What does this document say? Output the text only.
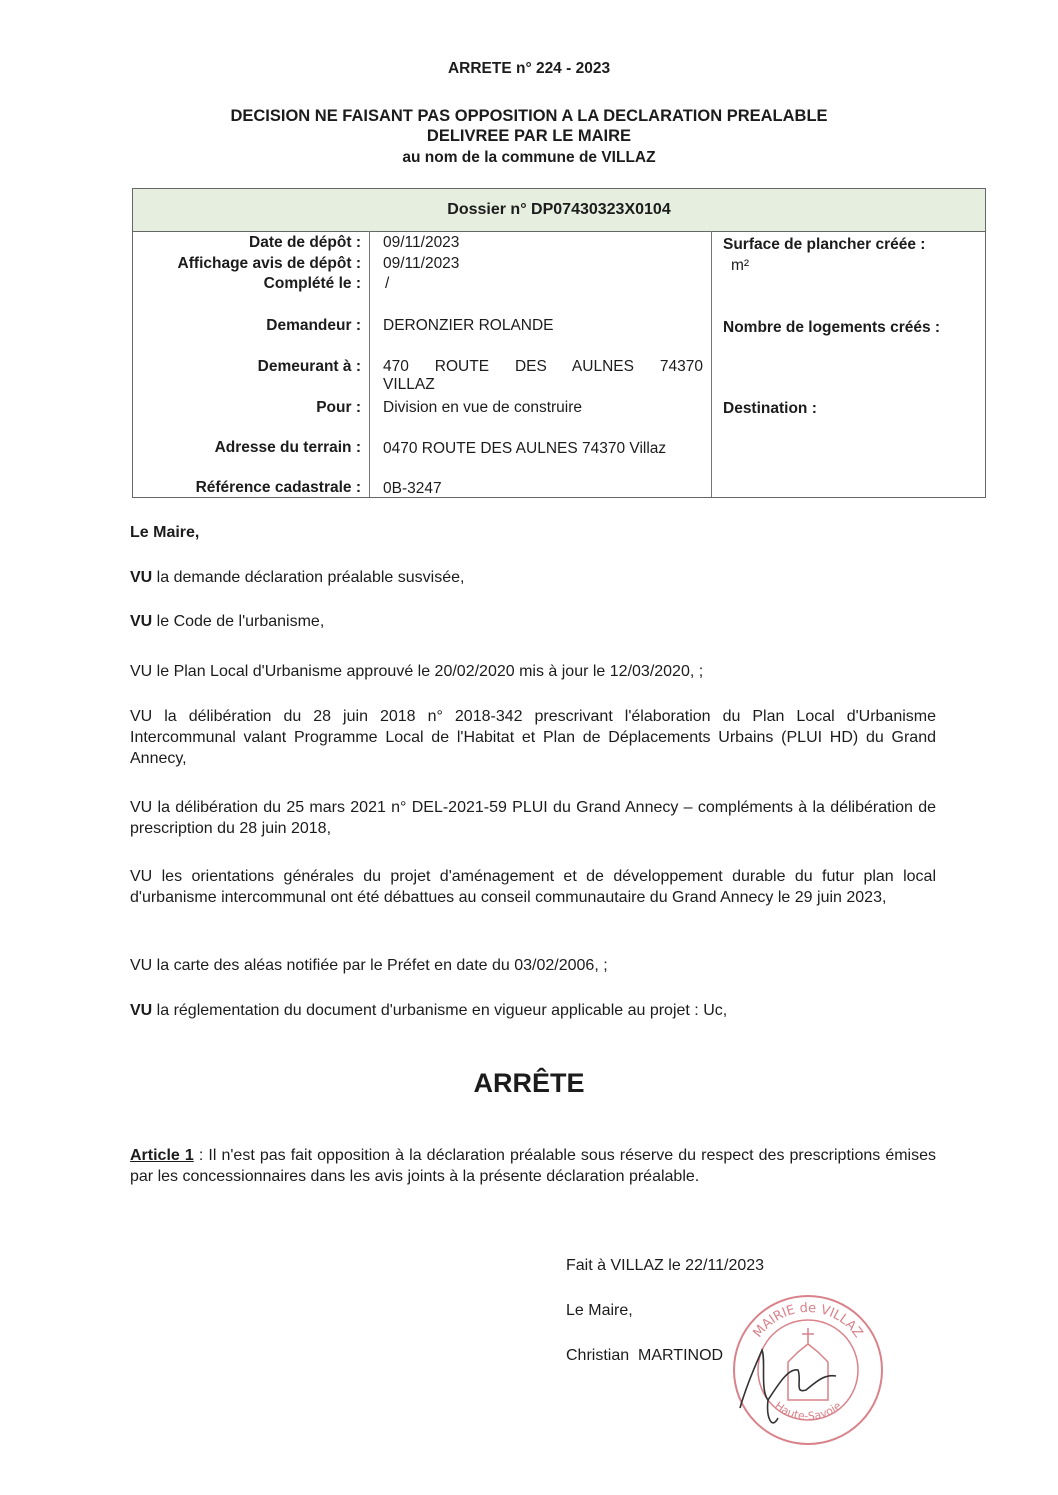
ARRETE n° 224 - 2023
DECISION NE FAISANT PAS OPPOSITION A LA DECLARATION PREALABLE
DELIVREE PAR LE MAIRE
au nom de la commune de VILLAZ
Dossier n° DP07430323X0104
Date de dépôt :
Affichage avis de dépôt :
Complété le :
Demandeur :
Demeurant à :
Pour :
Adresse du terrain :
Référence cadastrale :
09/11/2023
09/11/2023
/
DERONZIER ROLANDE
470 ROUTE DES AULNES 74370
VILLAZ
Division en vue de construire
0470 ROUTE DES AULNES 74370 Villaz
0B-3247
Surface de plancher créée :
m²
Nombre de logements créés :
Destination :
Le Maire,
VU la demande déclaration préalable susvisée,
VU le Code de l'urbanisme,
VU le Plan Local d'Urbanisme approuvé le 20/02/2020 mis à jour le 12/03/2020, ;
VU la délibération du 28 juin 2018 n° 2018-342 prescrivant l'élaboration du Plan Local d'Urbanisme Intercommunal valant Programme Local de l'Habitat et Plan de Déplacements Urbains (PLUI HD) du Grand Annecy,
VU la délibération du 25 mars 2021 n° DEL-2021-59 PLUI du Grand Annecy – compléments à la délibération de prescription du 28 juin 2018,
VU les orientations générales du projet d'aménagement et de développement durable du futur plan local d'urbanisme intercommunal ont été débattues au conseil communautaire du Grand Annecy le 29 juin 2023,
VU la carte des aléas notifiée par le Préfet en date du 03/02/2006, ;
VU la réglementation du document d'urbanisme en vigueur applicable au projet : Uc,
ARRÊTE
Article 1 : Il n'est pas fait opposition à la déclaration préalable sous réserve du respect des prescriptions émises par les concessionnaires dans les avis joints à la présente déclaration préalable.
Fait à VILLAZ le 22/11/2023
Le Maire,
Christian  MARTINOD
MAIRIE de VILLAZ
Haute-Savoie
